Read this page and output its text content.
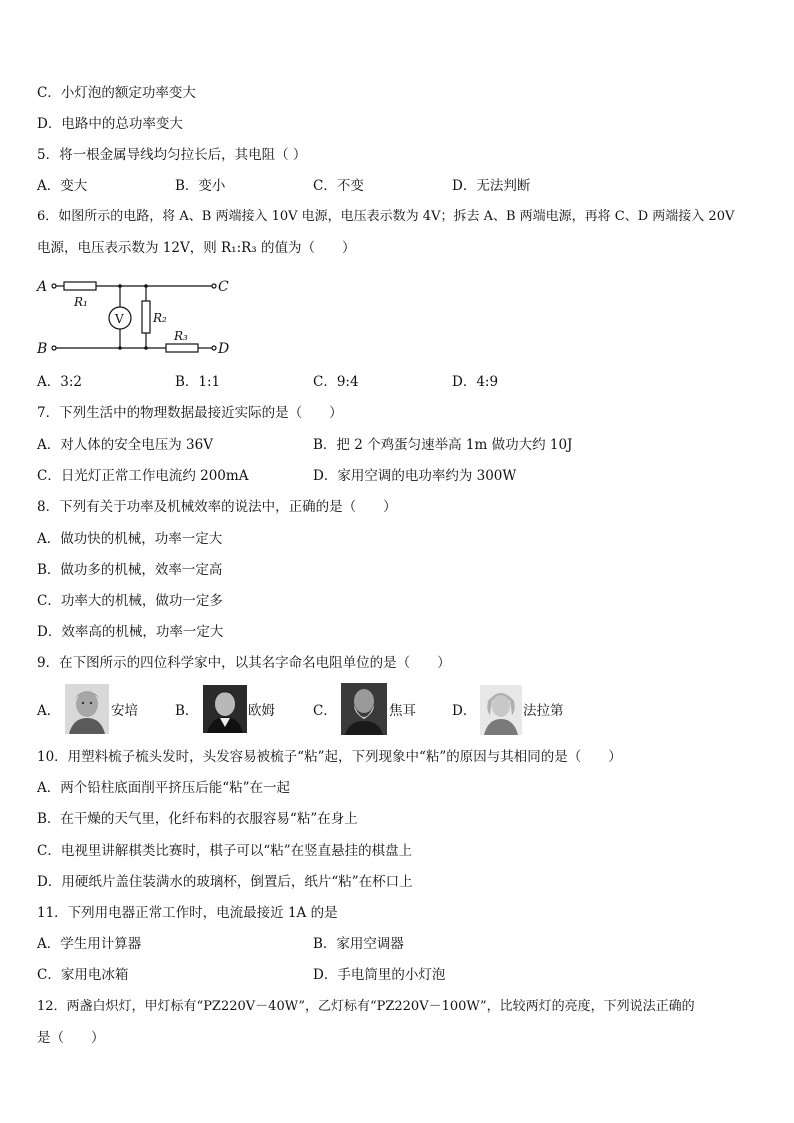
C．小灯泡的额定功率变大
D．电路中的总功率变大
5．将一根金属导线均匀拉长后，其电阻（ ）
A．变大	B．变小	C．不变	D．无法判断
6．如图所示的电路，将 A、B 两端接入 10V 电源，电压表示数为 4V；拆去 A、B 两端电源，再将 C、D 两端接入 20V
电源，电压表示数为 12V，则 R₁:R₃ 的值为（　　）
A
B
C
D
R₁
R₂
R₃
V
A．3:2	B．1:1	C．9:4	D．4:9
7．下列生活中的物理数据最接近实际的是（　　）
A．对人体的安全电压为 36V	B．把 2 个鸡蛋匀速举高 1m 做功大约 10J
C．日光灯正常工作电流约 200mA	D．家用空调的电功率约为 300W
8．下列有关于功率及机械效率的说法中，正确的是（　　）
A．做功快的机械，功率一定大
B．做功多的机械，效率一定高
C．功率大的机械，做功一定多
D．效率高的机械，功率一定大
9．在下图所示的四位科学家中，以其名字命名电阻单位的是（　　）
A．	安培	B．	欧姆	C．	焦耳	D．	法拉第
10．用塑料梳子梳头发时，头发容易被梳子“粘”起，下列现象中“粘”的原因与其相同的是（　　）
A．两个铅柱底面削平挤压后能“粘”在一起
B．在干燥的天气里，化纤布料的衣服容易“粘”在身上
C．电视里讲解棋类比赛时，棋子可以“粘”在竖直悬挂的棋盘上
D．用硬纸片盖住装满水的玻璃杯，倒置后，纸片“粘”在杯口上
11．下列用电器正常工作时，电流最接近 1A 的是
A．学生用计算器	B．家用空调器
C．家用电冰箱	D．手电筒里的小灯泡
12．两盏白炽灯，甲灯标有“PZ220V－40W”，乙灯标有“PZ220V－100W”，比较两灯的亮度，下列说法正确的
是（　　）
